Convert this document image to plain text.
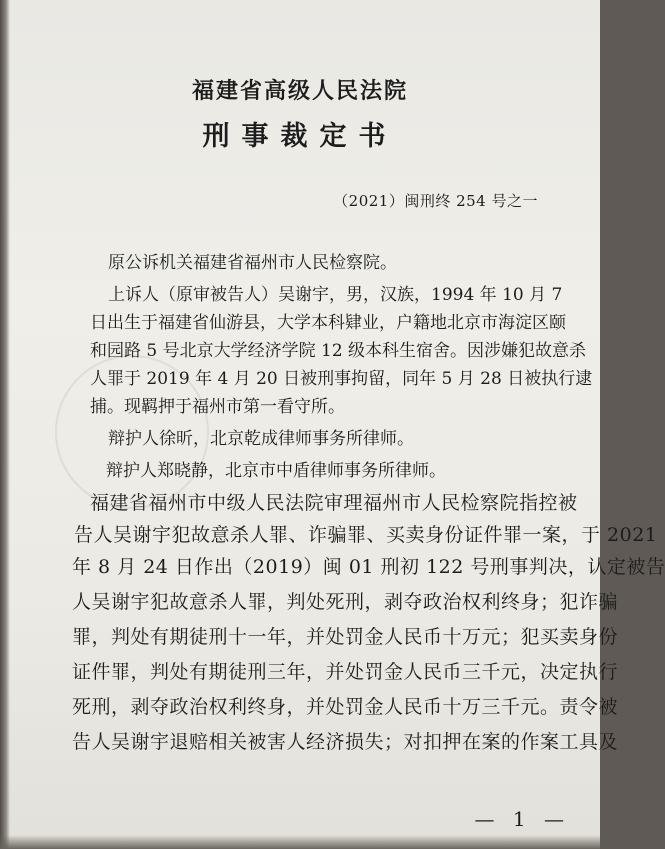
福建省高级人民法院
刑事裁定书
（2021）闽刑终 254 号之一
原公诉机关福建省福州市人民检察院。
上诉人（原审被告人）吴谢宇，男，汉族，1994 年 10 月 7
日出生于福建省仙游县，大学本科肄业，户籍地北京市海淀区颐
和园路 5 号北京大学经济学院 12 级本科生宿舍。因涉嫌犯故意杀
人罪于 2019 年 4 月 20 日被刑事拘留，同年 5 月 28 日被执行逮
捕。现羁押于福州市第一看守所。
辩护人徐昕，北京乾成律师事务所律师。
辩护人郑晓静，北京市中盾律师事务所律师。
福建省福州市中级人民法院审理福州市人民检察院指控被
告人吴谢宇犯故意杀人罪、诈骗罪、买卖身份证件罪一案，于 2021
年 8 月 24 日作出（2019）闽 01 刑初 122 号刑事判决，认定被告
人吴谢宇犯故意杀人罪，判处死刑，剥夺政治权利终身；犯诈骗
罪，判处有期徒刑十一年，并处罚金人民币十万元；犯买卖身份
证件罪，判处有期徒刑三年，并处罚金人民币三千元，决定执行
死刑，剥夺政治权利终身，并处罚金人民币十万三千元。责令被
告人吴谢宇退赔相关被害人经济损失；对扣押在案的作案工具及
— 1 —
